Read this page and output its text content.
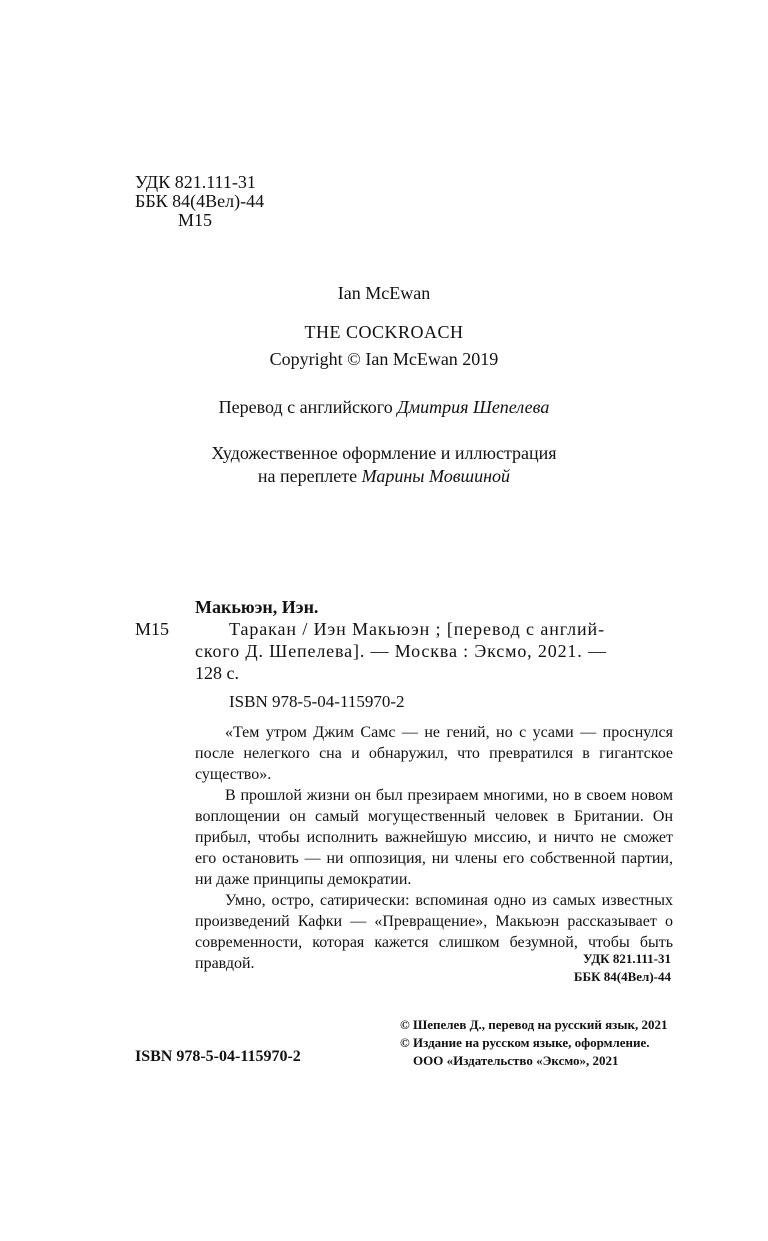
УДК 821.111-31
ББК 84(4Вел)-44
М15
Ian McEwan
THE COCKROACH
Copyright © Ian McEwan 2019
Перевод с английского Дмитрия Шепелева
Художественное оформление и иллюстрация
на переплете Марины Мовшиной
Макьюэн, Иэн.
М15	Таракан / Иэн Макьюэн ; [перевод с англий-
ского Д. Шепелева]. — Москва : Эксмо, 2021. —
128 с.
ISBN 978-5-04-115970-2

«Тем утром Джим Самс — не гений, но с усами — проснулся после нелегкого сна и обнаружил, что превратился в гигантское существо».

В прошлой жизни он был презираем многими, но в своем новом воплощении он самый могущественный человек в Британии. Он прибыл, чтобы исполнить важнейшую миссию, и ничто не сможет его остановить — ни оппозиция, ни члены его собственной партии, ни даже принципы демократии.

Умно, остро, сатирически: вспоминая одно из самых известных произведений Кафки — «Превращение», Макьюэн рассказывает о современности, которая кажется слишком безумной, чтобы быть правдой.	УДК 821.111-31
ББК 84(4Вел)-44
ISBN 978-5-04-115970-2
© Шепелев Д., перевод на русский язык, 2021
© Издание на русском языке, оформление.
ООО «Издательство «Эксмо», 2021
